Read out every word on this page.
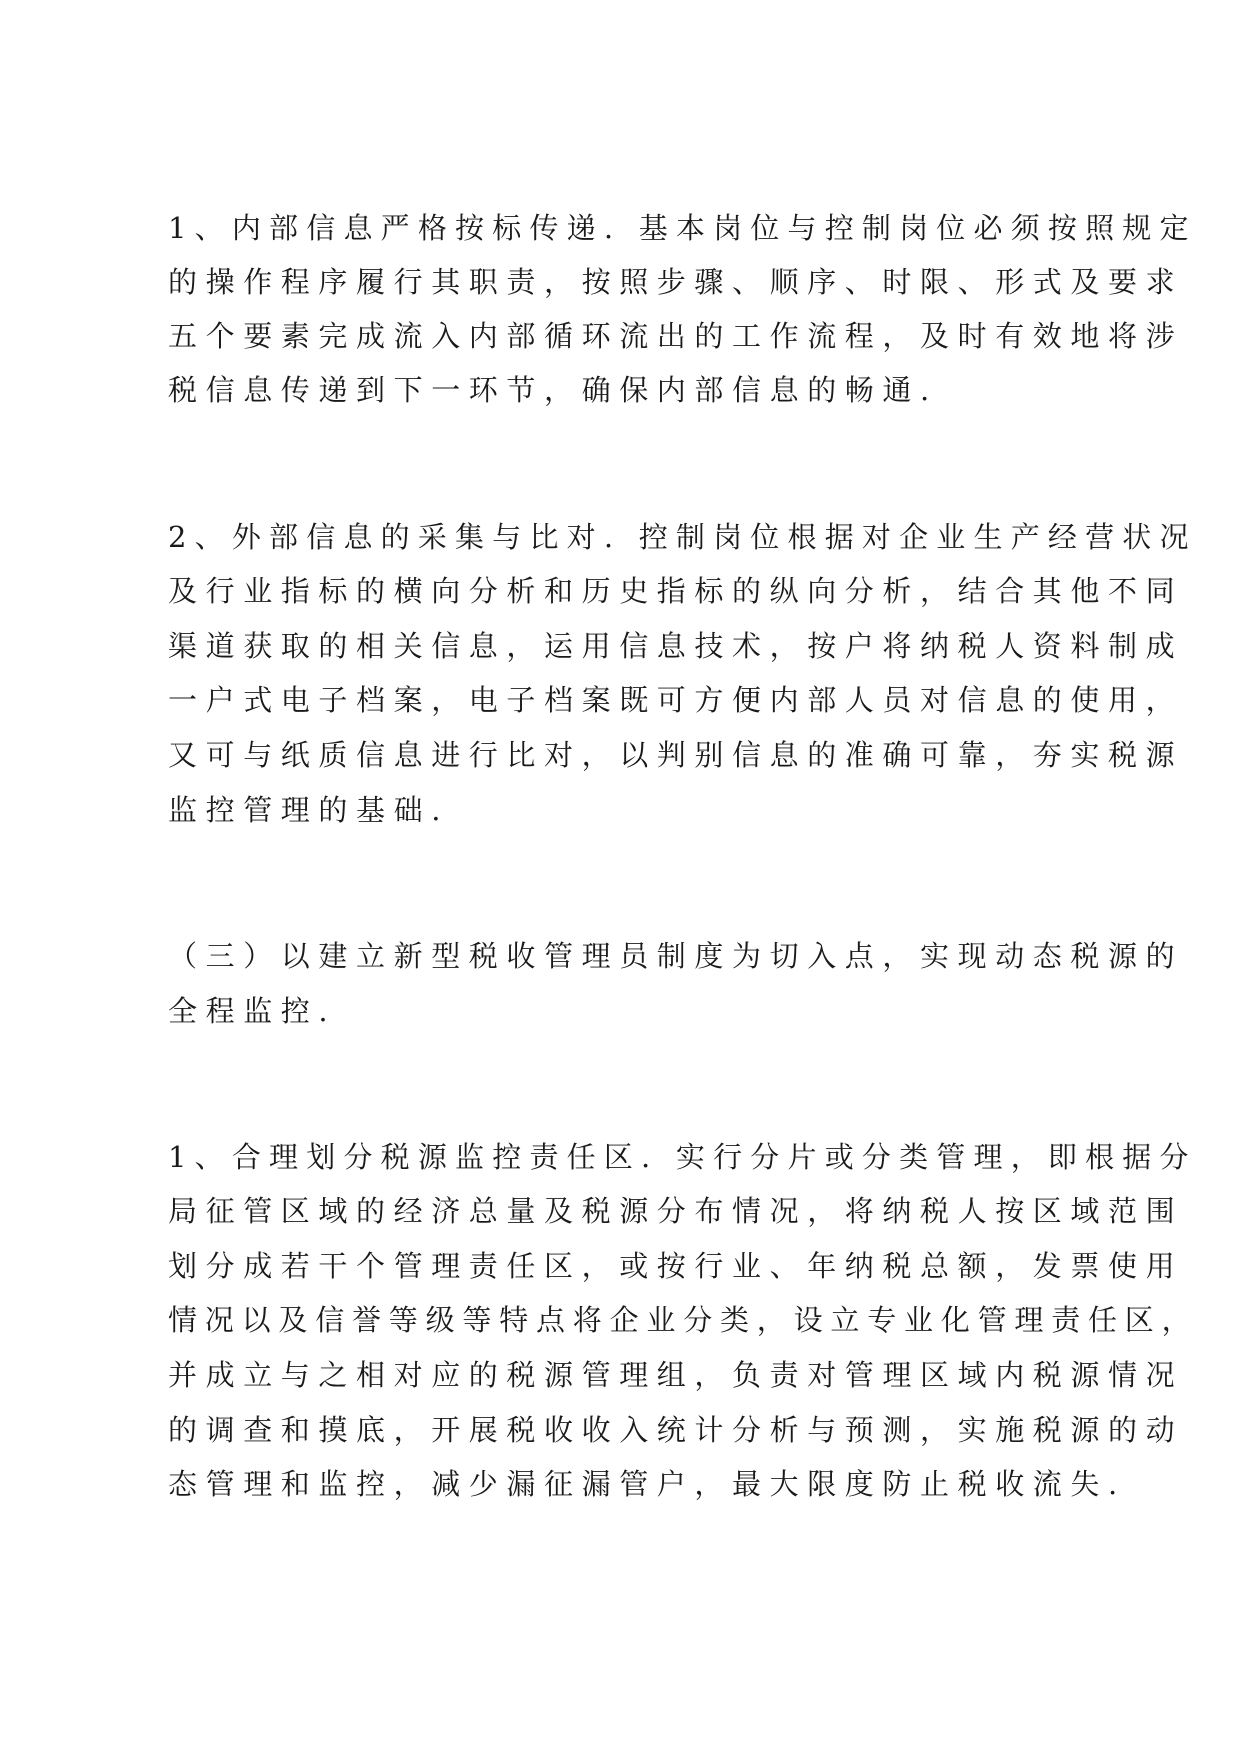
1、内部信息严格按标传递. 基本岗位与控制岗位必须按照规定
的操作程序履行其职责，按照步骤、顺序、时限、形式及要求
五个要素完成流入内部循环流出的工作流程，及时有效地将涉
税信息传递到下一环节，确保内部信息的畅通.
2、外部信息的采集与比对. 控制岗位根据对企业生产经营状况
及行业指标的横向分析和历史指标的纵向分析，结合其他不同
渠道获取的相关信息，运用信息技术，按户将纳税人资料制成
一户式电子档案，电子档案既可方便内部人员对信息的使用，
又可与纸质信息进行比对，以判别信息的准确可靠，夯实税源
监控管理的基础.
（三）以建立新型税收管理员制度为切入点，实现动态税源的
全程监控.
1、合理划分税源监控责任区. 实行分片或分类管理，即根据分
局征管区域的经济总量及税源分布情况，将纳税人按区域范围
划分成若干个管理责任区，或按行业、年纳税总额，发票使用
情况以及信誉等级等特点将企业分类，设立专业化管理责任区，
并成立与之相对应的税源管理组，负责对管理区域内税源情况
的调查和摸底，开展税收收入统计分析与预测，实施税源的动
态管理和监控，减少漏征漏管户，最大限度防止税收流失.
